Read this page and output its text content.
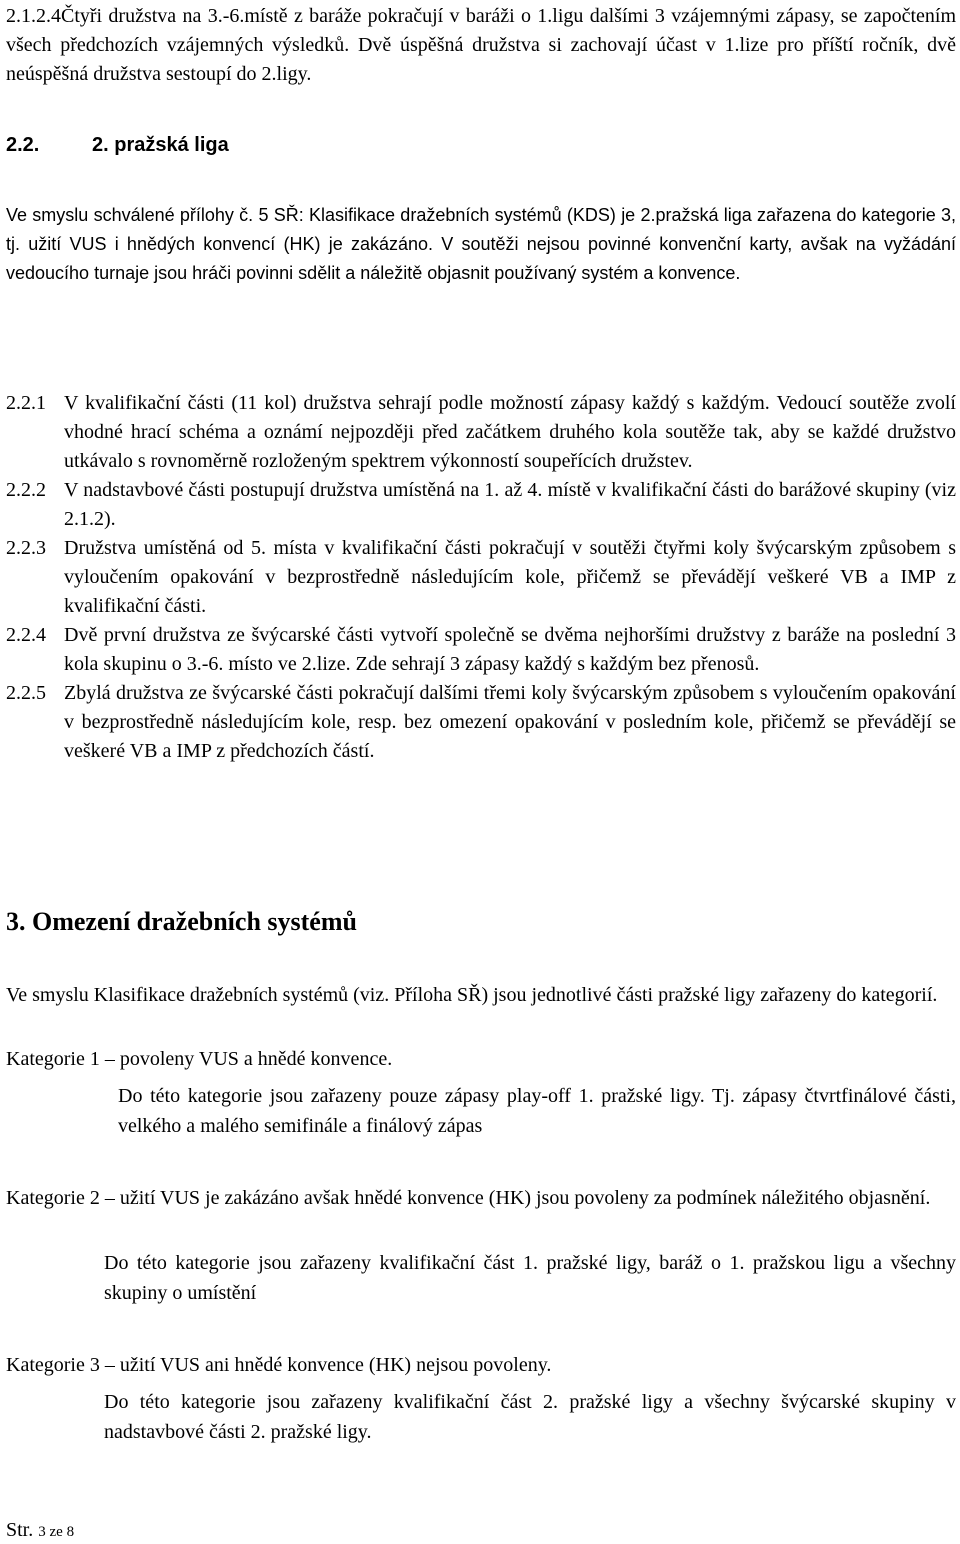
2.1.2.4Čtyři družstva na 3.-6.místě z baráže pokračují v baráži o 1.ligu dalšími 3 vzájemnými zápasy, se započtením všech předchozích vzájemných výsledků. Dvě úspěšná družstva si zachovají účast v 1.lize pro příští ročník, dvě neúspěšná družstva sestoupí do 2.ligy.

2.2.	2. pražská liga

Ve smyslu schválené přílohy č. 5 SŘ: Klasifikace dražebních systémů (KDS) je 2.pražská liga zařazena do kategorie 3, tj. užití VUS i hnědých konvencí (HK) je zakázáno. V soutěži nejsou povinné konvenční karty, avšak na vyžádání vedoucího turnaje jsou hráči povinni sdělit a náležitě objasnit používaný systém a konvence.

2.2.1 V kvalifikační části (11 kol) družstva sehrají podle možností zápasy každý s každým. Vedoucí soutěže zvolí vhodné hrací schéma a oznámí nejpozději před začátkem druhého kola soutěže tak, aby se každé družstvo utkávalo s rovnoměrně rozloženým spektrem výkonností soupeřících družstev.
2.2.2 V nadstavbové části postupují družstva umístěná na 1. až 4. místě v kvalifikační části do barážové skupiny (viz 2.1.2).
2.2.3 Družstva umístěná od 5. místa v kvalifikační části pokračují v soutěži čtyřmi koly švýcarským způsobem s vyloučením opakování v bezprostředně následujícím kole, přičemž se převádějí veškeré VB a IMP z kvalifikační části.
2.2.4 Dvě první družstva ze švýcarské části vytvoří společně se dvěma nejhoršími družstvy z baráže na poslední 3 kola skupinu o 3.-6. místo ve 2.lize. Zde sehrají 3 zápasy každý s každým bez přenosů.
2.2.5 Zbylá družstva ze švýcarské části pokračují dalšími třemi koly švýcarským způsobem s vyloučením opakování v bezprostředně následujícím kole, resp. bez omezení opakování v posledním kole, přičemž se převádějí se veškeré VB a IMP z předchozích částí.
3. Omezení dražebních systémů

Ve smyslu Klasifikace dražebních systémů (viz. Příloha SŘ) jsou jednotlivé části pražské ligy zařazeny do kategorií.

Kategorie 1 – povoleny VUS a hnědé konvence.

Do této kategorie jsou zařazeny pouze zápasy play-off 1. pražské ligy. Tj. zápasy čtvrtfinálové části, velkého a malého semifinále a finálový zápas

Kategorie 2 – užití VUS je zakázáno avšak hnědé konvence (HK) jsou povoleny za podmínek náležitého objasnění.

Do této kategorie jsou zařazeny kvalifikační část 1. pražské ligy, baráž o 1. pražskou ligu a všechny skupiny o umístění

Kategorie 3 – užití VUS ani hnědé konvence (HK) nejsou povoleny.

Do této kategorie jsou zařazeny kvalifikační část 2. pražské ligy a všechny švýcarské skupiny v nadstavbové části 2. pražské ligy.

Str. 3 ze 8
